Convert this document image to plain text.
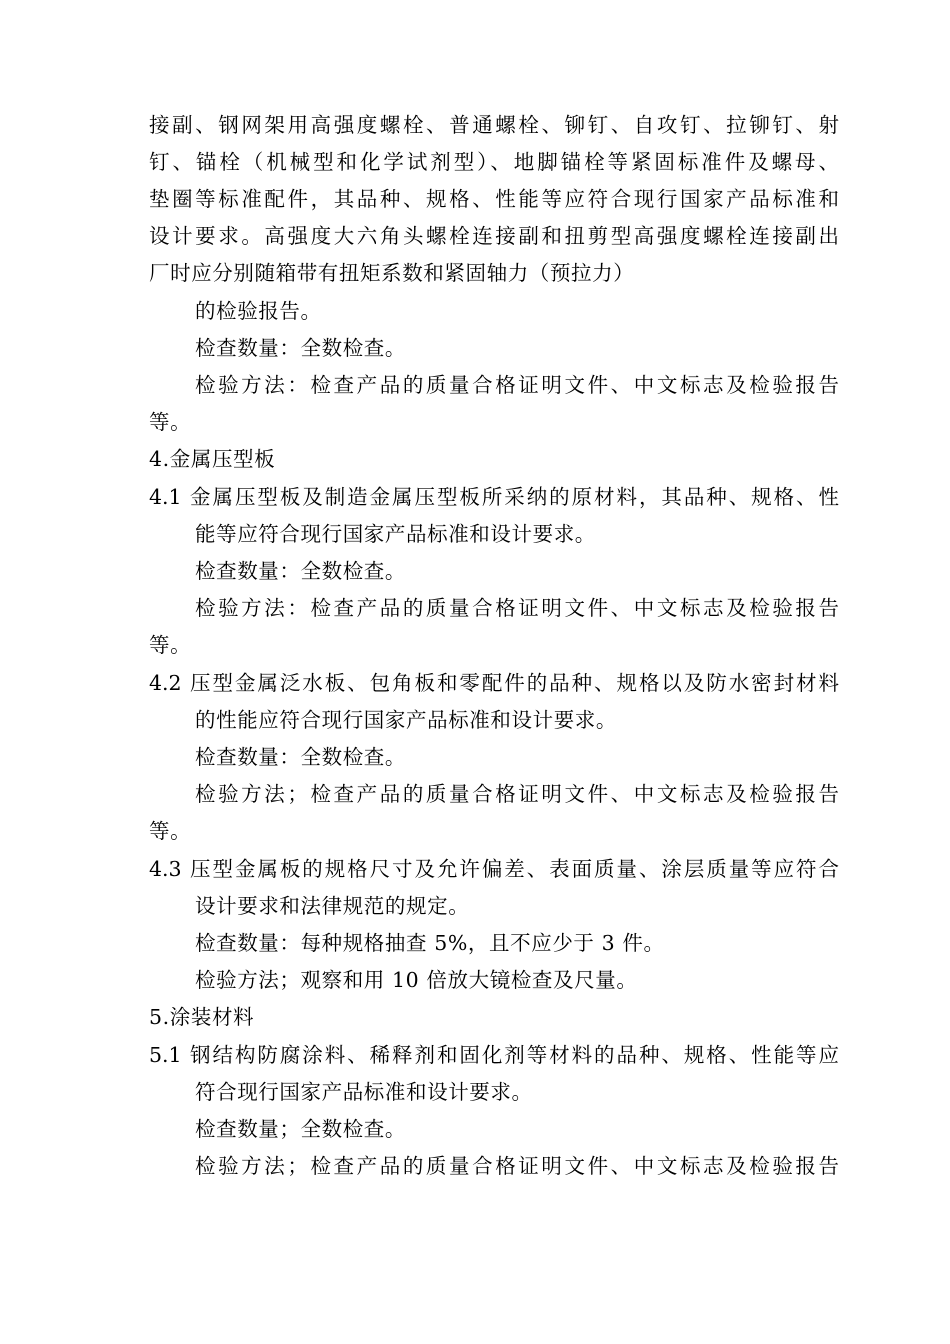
接副、钢网架用高强度螺栓、普通螺栓、铆钉、自攻钉、拉铆钉、射
钉、锚栓（机械型和化学试剂型）、地脚锚栓等紧固标准件及螺母、
垫圈等标准配件，其品种、规格、性能等应符合现行国家产品标准和
设计要求。高强度大六角头螺栓连接副和扭剪型高强度螺栓连接副出
厂时应分别随箱带有扭矩系数和紧固轴力（预拉力）
的检验报告。
检查数量：全数检查。
检验方法：检查产品的质量合格证明文件、中文标志及检验报告
等。
4.金属压型板
4.1 金属压型板及制造金属压型板所采纳的原材料，其品种、规格、性
能等应符合现行国家产品标准和设计要求。
检查数量：全数检查。
检验方法：检查产品的质量合格证明文件、中文标志及检验报告
等。
4.2 压型金属泛水板、包角板和零配件的品种、规格以及防水密封材料
的性能应符合现行国家产品标准和设计要求。
检查数量：全数检查。
检验方法；检查产品的质量合格证明文件、中文标志及检验报告
等。
4.3 压型金属板的规格尺寸及允许偏差、表面质量、涂层质量等应符合
设计要求和法律规范的规定。
检查数量：每种规格抽查 5%，且不应少于 3 件。
检验方法；观察和用 10 倍放大镜检查及尺量。
5.涂装材料
5.1 钢结构防腐涂料、稀释剂和固化剂等材料的品种、规格、性能等应
符合现行国家产品标准和设计要求。
检查数量；全数检查。
检验方法；检查产品的质量合格证明文件、中文标志及检验报告
